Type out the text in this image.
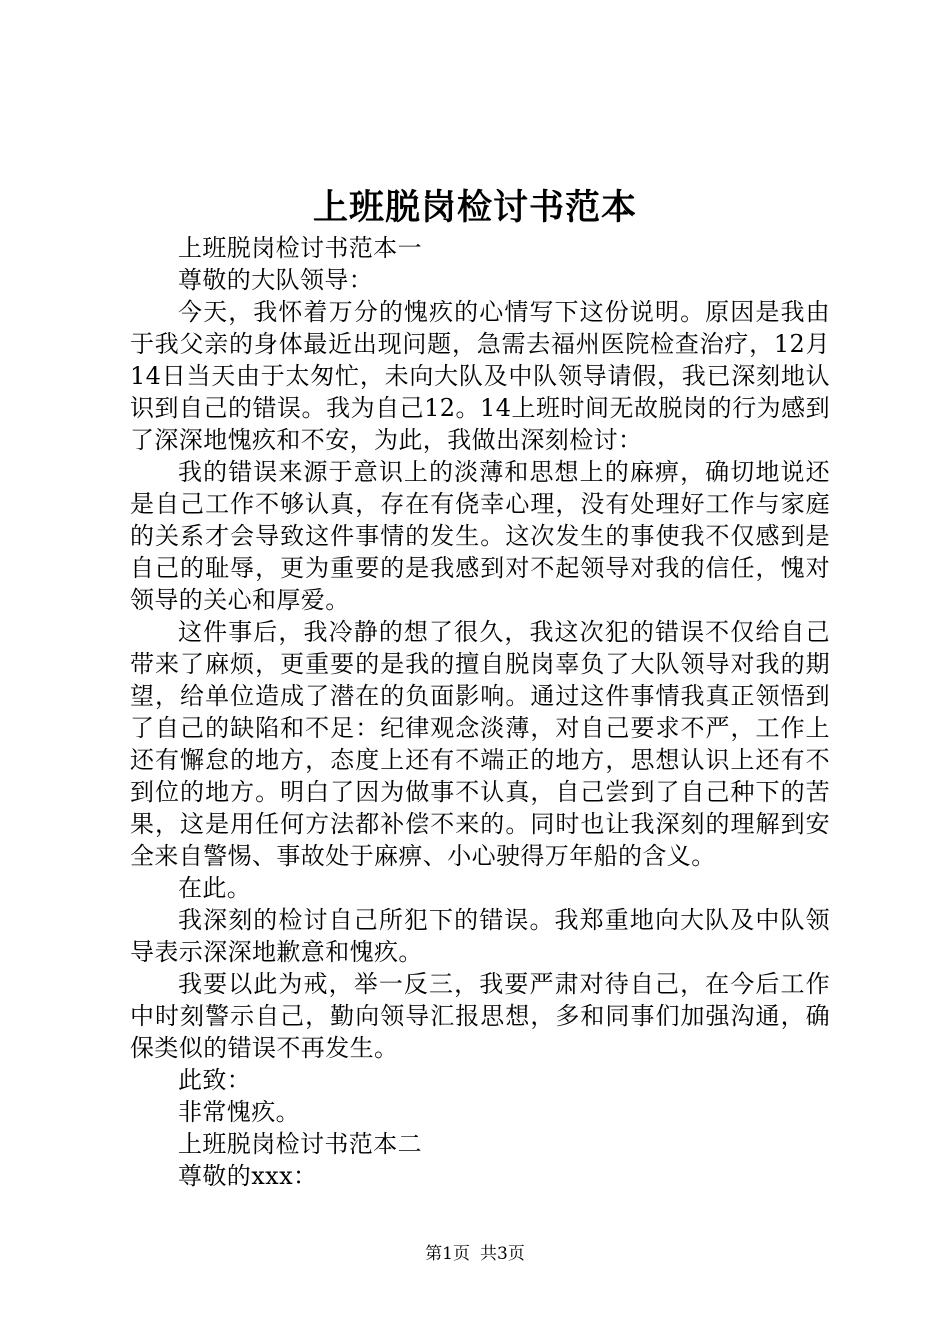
上班脱岗检讨书范本

上班脱岗检讨书范本一

尊敬的大队领导：

今天，我怀着万分的愧疚的心情写下这份说明。原因是我由于我父亲的身体最近出现问题，急需去福州医院检查治疗，12月14日当天由于太匆忙，未向大队及中队领导请假，我已深刻地认识到自己的错误。我为自己12。14上班时间无故脱岗的行为感到了深深地愧疚和不安，为此，我做出深刻检讨：

我的错误来源于意识上的淡薄和思想上的麻痹，确切地说还是自己工作不够认真，存在有侥幸心理，没有处理好工作与家庭的关系才会导致这件事情的发生。这次发生的事使我不仅感到是自己的耻辱，更为重要的是我感到对不起领导对我的信任，愧对领导的关心和厚爱。

这件事后，我冷静的想了很久，我这次犯的错误不仅给自己带来了麻烦，更重要的是我的擅自脱岗辜负了大队领导对我的期望，给单位造成了潜在的负面影响。通过这件事情我真正领悟到了自己的缺陷和不足：纪律观念淡薄，对自己要求不严，工作上还有懈怠的地方，态度上还有不端正的地方，思想认识上还有不到位的地方。明白了因为做事不认真，自己尝到了自己种下的苦果，这是用任何方法都补偿不来的。同时也让我深刻的理解到安全来自警惕、事故处于麻痹、小心驶得万年船的含义。

在此。

我深刻的检讨自己所犯下的错误。我郑重地向大队及中队领导表示深深地歉意和愧疚。

我要以此为戒，举一反三，我要严肃对待自己，在今后工作中时刻警示自己，勤向领导汇报思想，多和同事们加强沟通，确保类似的错误不再发生。

此致：

非常愧疚。

上班脱岗检讨书范本二

尊敬的xxx：

第1页 共3页
